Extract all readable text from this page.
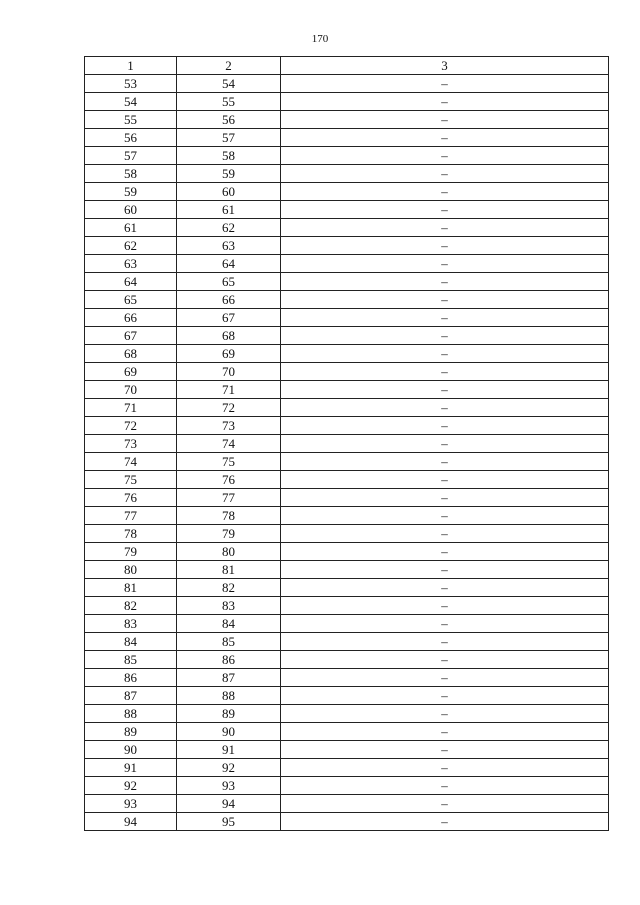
170
1	2	3
53	54	–
54	55	–
55	56	–
56	57	–
57	58	–
58	59	–
59	60	–
60	61	–
61	62	–
62	63	–
63	64	–
64	65	–
65	66	–
66	67	–
67	68	–
68	69	–
69	70	–
70	71	–
71	72	–
72	73	–
73	74	–
74	75	–
75	76	–
76	77	–
77	78	–
78	79	–
79	80	–
80	81	–
81	82	–
82	83	–
83	84	–
84	85	–
85	86	–
86	87	–
87	88	–
88	89	–
89	90	–
90	91	–
91	92	–
92	93	–
93	94	–
94	95	–
